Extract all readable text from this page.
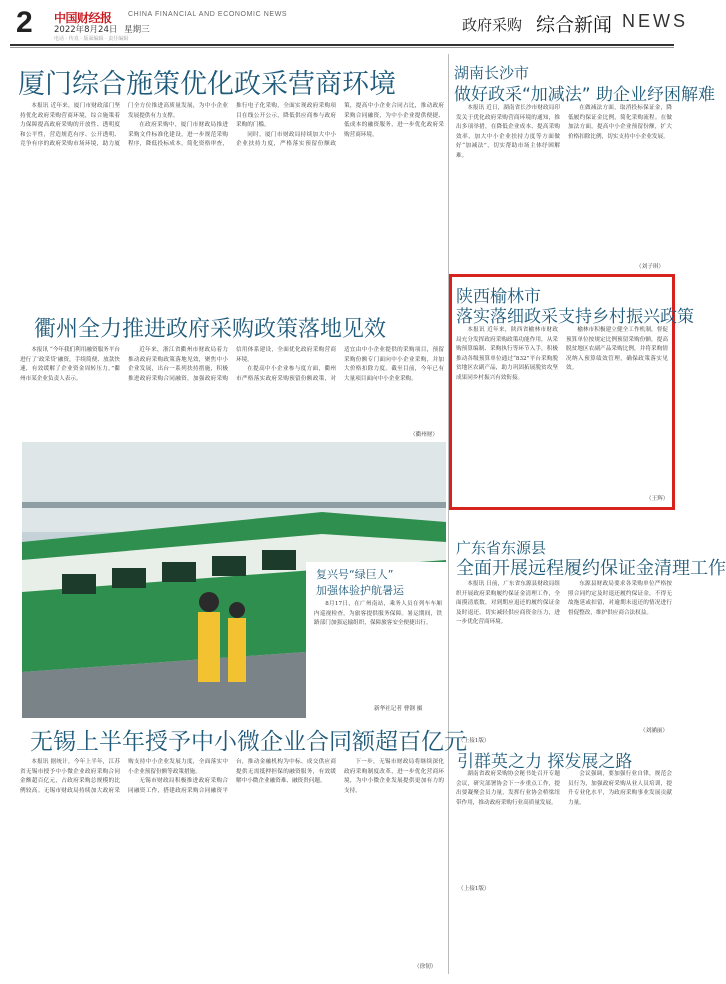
2 中国财经报 CHINA FINANCIAL AND ECONOMIC NEWS
2022年8月24日 星期三
电话 · 传真 · 版面编辑 · 责任编辑
政府采购 综合新闻 NEWS
厦门综合施策优化政采营商环境

本报讯 近年来，厦门市财政部门坚持优化政府采购营商环境，综合施策着力保障提高政府采购的开放性、透明度和公平性，营造规范有序、公开透明、竞争有序的政府采购市场环境，助力厦门全方位推进高质量发展，为中小企业发展提供有力支撑。

在政府采购中，厦门市财政局推进采购文件标准化建设，进一步规范采购程序，降低投标成本，简化资格审查，推行电子化采购，全面实现政府采购项目在线公开公示，降低供应商参与政府采购的门槛。

同时，厦门市财政局持续加大中小企业扶持力度，严格落实预留份额政策，提高中小企业合同占比，推动政府采购合同融资，为中小企业提供便捷、低成本的融资服务，进一步优化政府采购营商环境。

湖南长沙市
做好政采“加减法” 助企业纾困解难

本报讯 近日，湖南省长沙市财政局印发关于优化政府采购营商环境的通知，推出多项举措，在降低企业成本、提高采购效率、加大中小企业扶持力度等方面做好“加减法”，切实帮助市场主体纾困解难。

在做减法方面，取消投标保证金，降低履约保证金比例，简化采购流程。在做加法方面，提高中小企业预留份额，扩大价格扣除比例，切实支持中小企业发展。

（刘子琪）
衢州全力推进政府采购政策落地见效

本报讯 “今年我们利用融资服务平台进行了‘政采贷’融资，手续简便、放款快速，有效缓解了企业资金周转压力。”衢州市某企业负责人表示。

近年来，浙江省衢州市财政局着力推动政府采购政策落地见效，聚焦中小企业发展，出台一系列扶持措施，积极推进政府采购合同融资，加强政府采购信用体系建设，全面优化政府采购营商环境。

在提高中小企业参与度方面，衢州市严格落实政府采购预留份额政策，对适宜由中小企业提供的采购项目，预留采购份额专门面向中小企业采购，并加大价格扣除力度。截至目前，今年已有大量项目面向中小企业采购。

（衢州财）
复兴号“绿巨人”
加强体验护航暑运

8月17日，在广州南站，乘务人员在列车车厢内巡视检查，为旅客提供服务保障。暑运期间，铁路部门加强运输组织，保障旅客安全便捷出行。

新华社记者 曹钢 摄
无锡上半年授予中小微企业合同额超百亿元

本报讯 据统计，今年上半年，江苏省无锡市授予中小微企业政府采购合同金额超百亿元，占政府采购总规模的比例较高。无锡市财政局持续加大政府采购支持中小企业发展力度，全面落实中小企业预留份额等政策措施。

无锡市财政局积极推进政府采购合同融资工作，搭建政府采购合同融资平台，推动金融机构为中标、成交供应商提供无需抵押担保的融资服务，有效缓解中小微企业融资难、融资贵问题。

下一步，无锡市财政局将继续深化政府采购制度改革，进一步优化营商环境，为中小微企业发展提供更加有力的支持。

（徐韧）
陕西榆林市
落实落细政采支持乡村振兴政策

本报讯 近年来，陕西省榆林市财政局充分发挥政府采购政策功能作用，从采购预算编制、采购执行等环节入手，积极推动各级预算单位通过“832”平台采购脱贫地区农副产品，助力巩固拓展脱贫攻坚成果同乡村振兴有效衔接。

榆林市积极建立健全工作机制，督促预算单位按规定比例预留采购份额，提高脱贫地区农副产品采购比例，并将采购情况纳入预算绩效管理，确保政策落实见效。

（王辉）
广东省东源县
全面开展远程履约保证金清理工作

本报讯 日前，广东省东源县财政局组织开展政府采购履约保证金清理工作，全面摸清底数，对到期应退还的履约保证金及时退还，切实减轻供应商资金压力，进一步优化营商环境。

东源县财政局要求各采购单位严格按照合同约定及时退还履约保证金，不得无故拖延或扣留，对逾期未退还的情况进行督促整改，维护供应商合法权益。

（刘涵丽）
（上接1版）
引群英之力 探发展之路

湖南省政府采购协会秘书处召开专题会议，研究部署协会下一步重点工作，提出要凝聚会员力量，发挥行业协会桥梁纽带作用，推动政府采购行业高质量发展。

会议强调，要加强行业自律，规范会员行为，加强政府采购从业人员培训，提升专业化水平，为政府采购事业发展贡献力量。

（上接1版）
